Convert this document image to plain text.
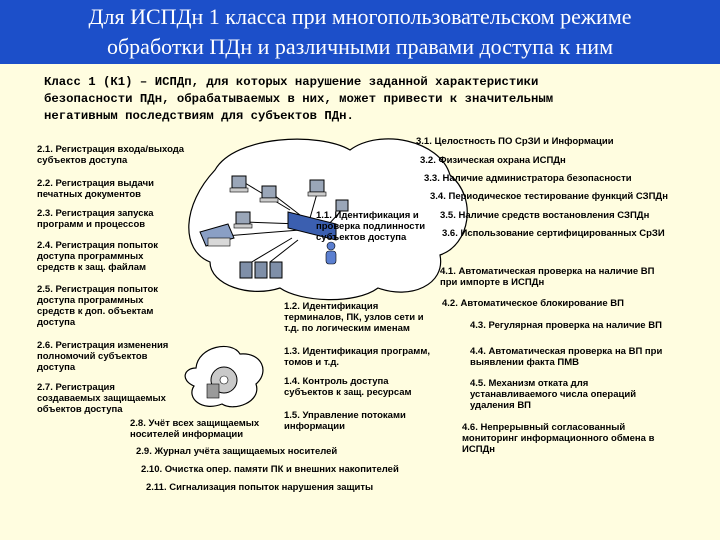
Для ИСПДн 1 класса при многопользовательском режиме
обработки ПДн и различными правами доступа к ним
Класс 1 (К1) – ИСПДп, для которых нарушение заданной характеристики
безопасности ПДн, обрабатываемых в них, может привести к значительным
негативным последствиям для субъектов ПДн.
2.1. Регистрация входа/выхода
субъектов доступа
2.2. Регистрация выдачи
печатных документов
2.3. Регистрация запуска
программ и процессов
2.4. Регистрация попыток
доступа программных
средств к защ. файлам
2.5. Регистрация попыток
доступа программных
средств к доп. объектам
доступа
2.6. Регистрация изменения
полномочий субъектов
доступа
2.7. Регистрация
создаваемых защищаемых
объектов доступа
2.8. Учёт всех защищаемых
носителей информации
2.9. Журнал учёта защищаемых носителей
2.10. Очистка опер. памяти ПК и внешних накопителей
2.11. Сигнализация попыток нарушения защиты
1.1. Идентификация и
проверка подлинности
субъектов доступа
1.2. Идентификация
терминалов, ПК, узлов сети и
т.д. по логическим именам
1.3. Идентификация программ,
томов и т.д.
1.4. Контроль доступа
субъектов к защ. ресурсам
1.5. Управление потоками
информации
3.1. Целостность ПО СрЗИ и Информации
3.2. Физическая охрана ИСПДн
3.3. Наличие администратора безопасности
3.4. Периодическое тестирование функций СЗПДн
3.5. Наличие средств востановления СЗПДн
3.6. Использование сертифицированных СрЗИ
4.1. Автоматическая проверка на наличие ВП
при импорте в ИСПДн
4.2. Автоматическое блокирование ВП
4.3. Регулярная проверка на наличие ВП
4.4. Автоматическая проверка на ВП при
выявлении факта ПМВ
4.5. Механизм отката для
устанавливаемого числа операций
удаления ВП
4.6. Непрерывный согласованный
мониторинг информационного обмена в
ИСПДн
